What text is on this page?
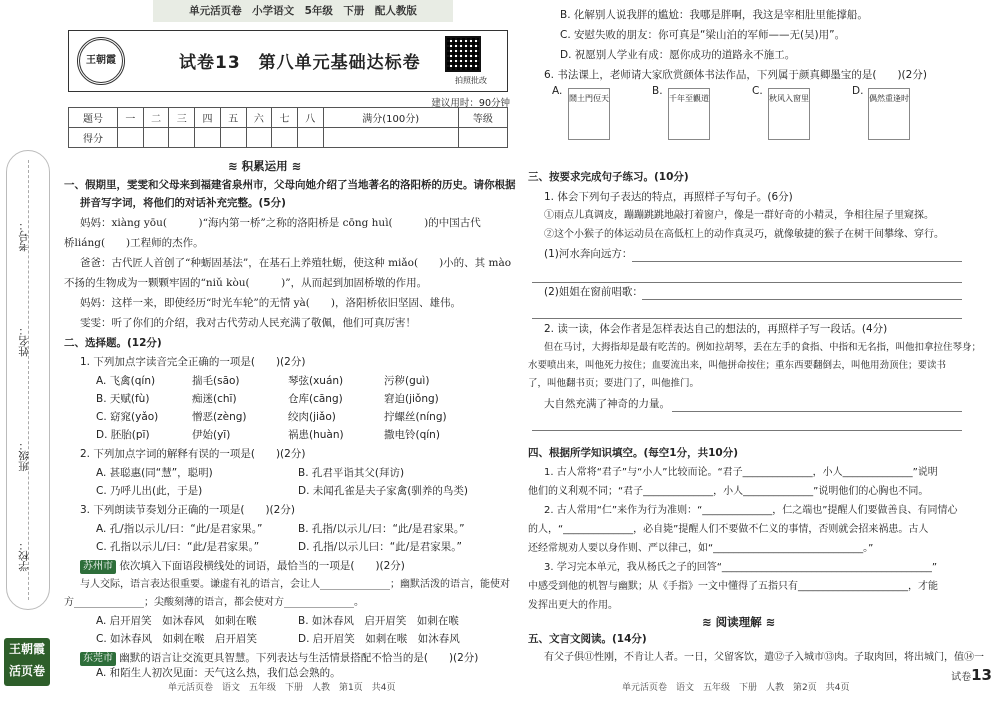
考号：
姓名：
班级：
学校：
王朝霞
活页卷
单元活页卷　小学语文　5年级　下册　配人教版
王朝霞	试卷13　第八单元基础达标卷
拍照批改
建议用时：90分钟
题号	一	二	三	四	五	六	七	八	满分(100分)	等级
得分										
≋ 积累运用 ≋
一、假期里，雯雯和父母来到福建省泉州市，父母向她介绍了当地著名的洛阳桥的历史。请你根据
拼音写字词，将他们的对话补充完整。(5分)
妈妈：xiàng yōu(　　　)“海内第一桥”之称的洛阳桥是 cōng huì(　　　)的中国古代
桥liáng(　　)工程师的杰作。
爸爸：古代匠人首创了“种蛎固基法”，在基石上养殖牡蛎，使这种 miǎo(　　)小的、其 mào
不扬的生物成为一颗颗牢固的“niǔ kòu(　　　)”，从而起到加固桥墩的作用。
妈妈：这样一来，即使经历“时光车轮”的无情 yà(　　)，洛阳桥依旧坚固、雄伟。
雯雯：听了你们的介绍，我对古代劳动人民充满了敬佩，他们可真厉害！
二、选择题。(12分)
1. 下列加点字读音完全正确的一项是(　　)(2分)
A. 飞禽(qín)	揣毛(sāo)	琴弦(xuán)	污秽(guì)
B. 天赋(fù)	痴迷(chī)	仓库(cāng)	窘迫(jiǒng)
C. 窈窕(yǎo)	憎恶(zèng)	绞肉(jiǎo)	拧螺丝(níng)
D. 胚胎(pī)	伊始(yī)	祸患(huàn)	撒电铃(qín)
2. 下列加点字词的解释有误的一项是(　　)(2分)
A. 甚聪惠(同“慧”，聪明)	B. 孔君平诣其父(拜访)
C. 乃呼儿出(此，于是)	D. 未闻孔雀是夫子家禽(驯养的鸟类)
3. 下列朗读节奏划分正确的一项是(　　)(2分)
A. 孔/指以示儿/曰：“此/是君家果。”	B. 孔指/以示儿/曰：“此/是君家果。”
C. 孔指以示儿/曰：“此/是君家果。”	D. 孔指/以示儿曰：“此/是君家果。”
苏州市 依次填入下面语段横线处的词语，最恰当的一项是(　　)(2分)
与人交际，语言表达很重要。谦虚有礼的语言，会让人______________；幽默活泼的语言，能使对
方______________；尖酸刻薄的语言，都会使对方______________。
A. 启开眉笑　如沐春风　如刺在喉	B. 如沐春风　启开眉笑　如刺在喉
C. 如沐春风　如刺在喉　启开眉笑	D. 启开眉笑　如刺在喉　如沐春风
东莞市 幽默的语言让交流更具智慧。下列表达与生活情景搭配不恰当的是(　　)(2分)
A. 和陌生人初次见面：天气这么热，我们总会熟的。
单元活页卷　语文　五年级　下册　人教　第1页　共4页
B. 化解别人说我胖的尴尬：我哪是胖啊，我这是宰相肚里能撑船。
C. 安慰失败的朋友：你可真是“梁山泊的军师——无(吴)用”。
D. 祝愿别人学业有成：愿你成功的道路永不施工。
6. 书法课上，老师请大家欣赏颜体书法作品，下列属于颜真卿墨宝的是(　　)(2分)
A.
鬧土門侸天
B.
千年至觀道
C.
秋风入窗里
D.
偶然重逢时
三、按要求完成句子练习。(10分)
1. 体会下列句子表达的特点，再照样子写句子。(6分)
①雨点儿真调皮，蹦蹦跳跳地敲打着窗户，像是一群好奇的小精灵，争相往屋子里窥探。
②这个小猴子的体运动员在高低杠上的动作真灵巧，就像敏捷的猴子在树干间攀缘、穿行。
(1)河水奔向远方：
(2)姐姐在窗前唱歌：
2. 读一读，体会作者是怎样表达自己的想法的，再照样子写一段话。(4分)
但在马讨，大拇指却是最有吃苦的。例如拉胡琴，丢在左手的食指、中指和无名指，叫他扣拿拉住琴身；
水要喷出来，叫他死力按住；血要流出来，叫他拼命按住；重东西要翻倒去，叫他用劲顶住；要读书
了，叫他翻书页；要进门了，叫他推门。
大自然充满了神奇的力量。
四、根据所学知识填空。(每空1分，共10分)
1. 古人常将“君子”与“小人”比较而论。“君子______________，小人______________”说明
他们的义利观不同；“君子______________，小人______________”说明他们的心胸也不同。
2. 古人常用“仁”来作为行为准则：“______________，仁之端也”提醒人们要做善良、有同情心
的人，“______________，必自毙”提醒人们不要做不仁义的事情，否则就会招来祸患。古人
还经常规劝人要以身作则、严以律己，如“______________________________。”
3. 学习完本单元，我从杨氏之子的回答“__________________________________________”
中感受到他的机智与幽默；从《手指》一文中懂得了五指只有______________________，才能
发挥出更大的作用。
≋ 阅读理解 ≋
五、文言文阅读。(14分)
有父子俱⑪性刚，不肯让人者。一日，父留客饮，遣⑫子入城市⑬肉。子取肉回，将出城门，值⑭一
单元活页卷　语文　五年级　下册　人教　第2页　共4页
试卷13
